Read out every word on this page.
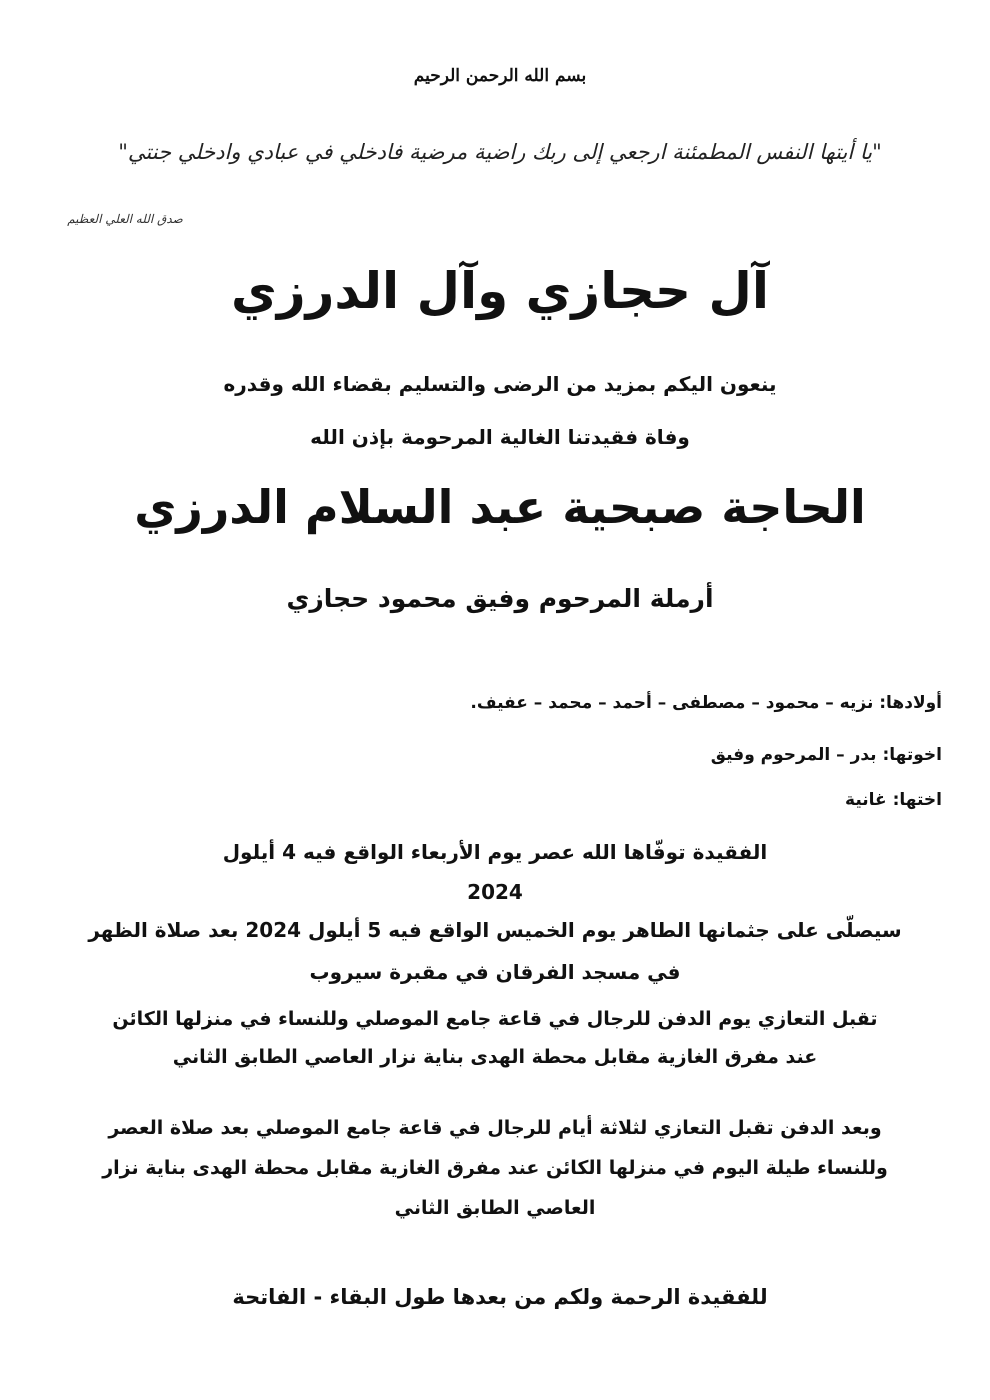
بسم الله الرحمن الرحيم
"يا أيتها النفس المطمئنة ارجعي إلى ربك راضية مرضية فادخلي في عبادي وادخلي جنتي"
صدق الله العلي العظيم
آل حجازي وآل الدرزي
ينعون اليكم بمزيد من الرضى والتسليم بقضاء الله وقدره
وفاة فقيدتنا الغالية المرحومة بإذن الله
الحاجة صبحية عبد السلام الدرزي
أرملة المرحوم وفيق محمود حجازي
أولادها: نزيه – محمود – مصطفى – أحمد – محمد – عفيف.
اخوتها: بدر – المرحوم وفيق
اختها: غانية
الفقيدة توفّاها الله عصر يوم الأربعاء الواقع فيه 4 أيلول
2024
سيصلّى على جثمانها الطاهر يوم الخميس الواقع فيه 5 أيلول 2024 بعد صلاة الظهر
في مسجد الفرقان في مقبرة سيروب
تقبل التعازي يوم الدفن للرجال في قاعة جامع الموصلي وللنساء في منزلها الكائن
عند مفرق الغازية مقابل محطة الهدى بناية نزار العاصي الطابق الثاني
وبعد الدفن تقبل التعازي لثلاثة أيام للرجال في قاعة جامع الموصلي بعد صلاة العصر
وللنساء طيلة اليوم في منزلها الكائن عند مفرق الغازية مقابل محطة الهدى بناية نزار
العاصي الطابق الثاني
للفقيدة الرحمة ولكم من بعدها طول البقاء - الفاتحة
